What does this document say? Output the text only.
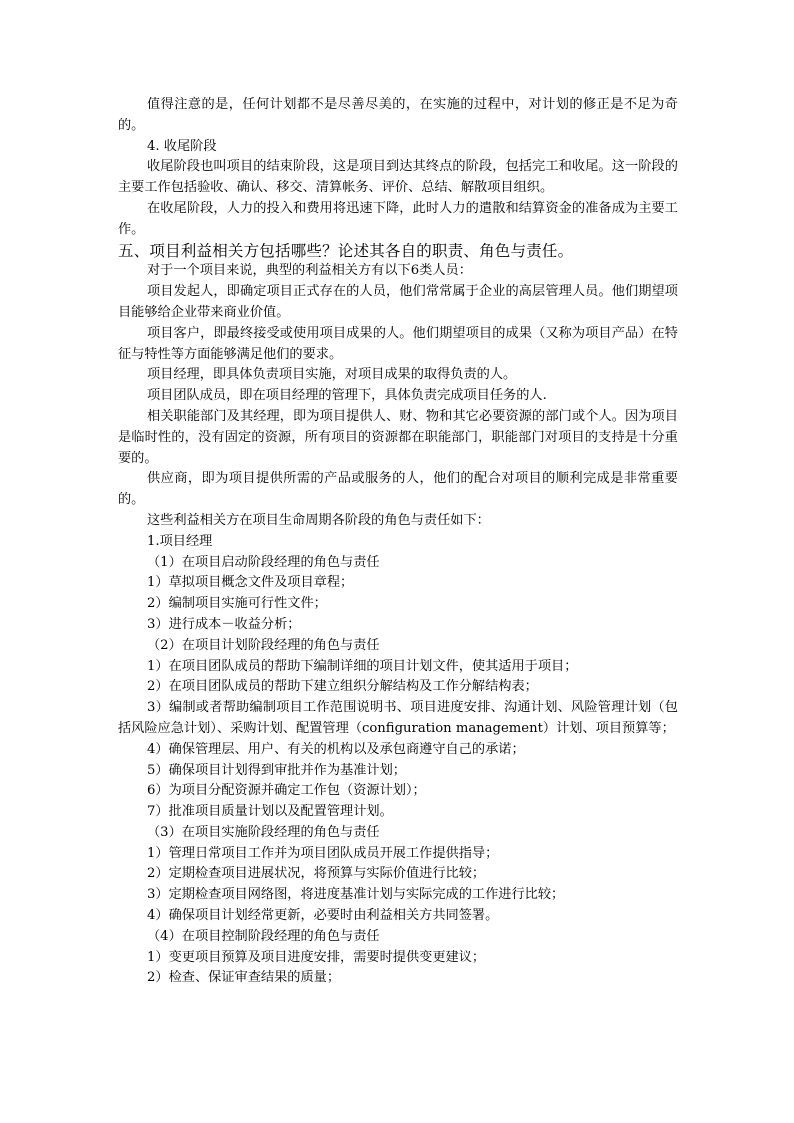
值得注意的是，任何计划都不是尽善尽美的，在实施的过程中，对计划的修正是不足为奇的。

4. 收尾阶段

收尾阶段也叫项目的结束阶段，这是项目到达其终点的阶段，包括完工和收尾。这一阶段的主要工作包括验收、确认、移交、清算帐务、评价、总结、解散项目组织。

在收尾阶段，人力的投入和费用将迅速下降，此时人力的遣散和结算资金的准备成为主要工作。

五、项目利益相关方包括哪些？论述其各自的职责、角色与责任。

对于一个项目来说，典型的利益相关方有以下6类人员：

项目发起人，即确定项目正式存在的人员，他们常常属于企业的高层管理人员。他们期望项目能够给企业带来商业价值。

项目客户，即最终接受或使用项目成果的人。他们期望项目的成果（又称为项目产品）在特征与特性等方面能够满足他们的要求。

项目经理，即具体负责项目实施，对项目成果的取得负责的人。

项目团队成员，即在项目经理的管理下，具体负责完成项目任务的人.

相关职能部门及其经理，即为项目提供人、财、物和其它必要资源的部门或个人。因为项目是临时性的，没有固定的资源，所有项目的资源都在职能部门，职能部门对项目的支持是十分重要的。

供应商，即为项目提供所需的产品或服务的人，他们的配合对项目的顺利完成是非常重要的。

这些利益相关方在项目生命周期各阶段的角色与责任如下：

1.项目经理

（1）在项目启动阶段经理的角色与责任

1）草拟项目概念文件及项目章程；

2）编制项目实施可行性文件；

3）进行成本－收益分析；

（2）在项目计划阶段经理的角色与责任

1）在项目团队成员的帮助下编制详细的项目计划文件，使其适用于项目；

2）在项目团队成员的帮助下建立组织分解结构及工作分解结构表；

3）编制或者帮助编制项目工作范围说明书、项目进度安排、沟通计划、风险管理计划（包括风险应急计划）、采购计划、配置管理（configuration management）计划、项目预算等；

4）确保管理层、用户、有关的机构以及承包商遵守自己的承诺；

5）确保项目计划得到审批并作为基准计划；

6）为项目分配资源并确定工作包（资源计划）；

7）批准项目质量计划以及配置管理计划。

（3）在项目实施阶段经理的角色与责任

1）管理日常项目工作并为项目团队成员开展工作提供指导；

2）定期检查项目进展状况，将预算与实际价值进行比较；

3）定期检查项目网络图，将进度基准计划与实际完成的工作进行比较；

4）确保项目计划经常更新，必要时由利益相关方共同签署。

（4）在项目控制阶段经理的角色与责任

1）变更项目预算及项目进度安排，需要时提供变更建议；

2）检查、保证审查结果的质量；
